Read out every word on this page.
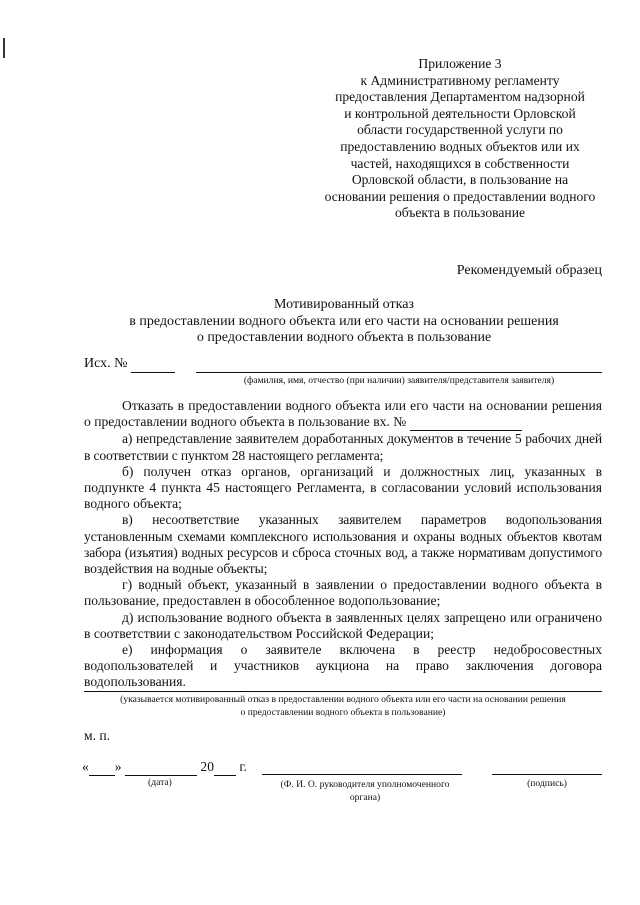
Приложение 3
к Административному регламенту
предоставления Департаментом надзорной
и контрольной деятельности Орловской
области государственной услуги по
предоставлению водных объектов или их
частей, находящихся в собственности
Орловской области, в пользование на
основании решения о предоставлении водного
объекта в пользование
Рекомендуемый образец
Мотивированный отказ
в предоставлении водного объекта или его части на основании решения
о предоставлении водного объекта в пользование
Исх. №
(фамилия, имя, отчество (при наличии) заявителя/представителя заявителя)

Отказать в предоставлении водного объекта или его части на основании решения о предоставлении водного объекта в пользование вх. №

а) непредставление заявителем доработанных документов в течение 5 рабочих дней в соответствии с пунктом 28 настоящего регламента;

б) получен отказ органов, организаций и должностных лиц, указанных в подпункте 4 пункта 45 настоящего Регламента, в согласовании условий использования водного объекта;

в) несоответствие указанных заявителем параметров водопользования установленным схемами комплексного использования и охраны водных объектов квотам забора (изъятия) водных ресурсов и сброса сточных вод, а также нормативам допустимого воздействия на водные объекты;

г) водный объект, указанный в заявлении о предоставлении водного объекта в пользование, предоставлен в обособленное водопользование;

д) использование водного объекта в заявленных целях запрещено или ограничено в соответствии с законодательством Российской Федерации;

е) информация о заявителе включена в реестр недобросовестных водопользователей и участников аукциона на право заключения договора водопользования.

(указывается мотивированный отказ в предоставлении водного объекта или его части на основании решения
о предоставлении водного объекта в пользование)
м. п.
« »	20 г.
(дата)	(Ф. И. О. руководителя уполномоченного
органа)
(подпись)
